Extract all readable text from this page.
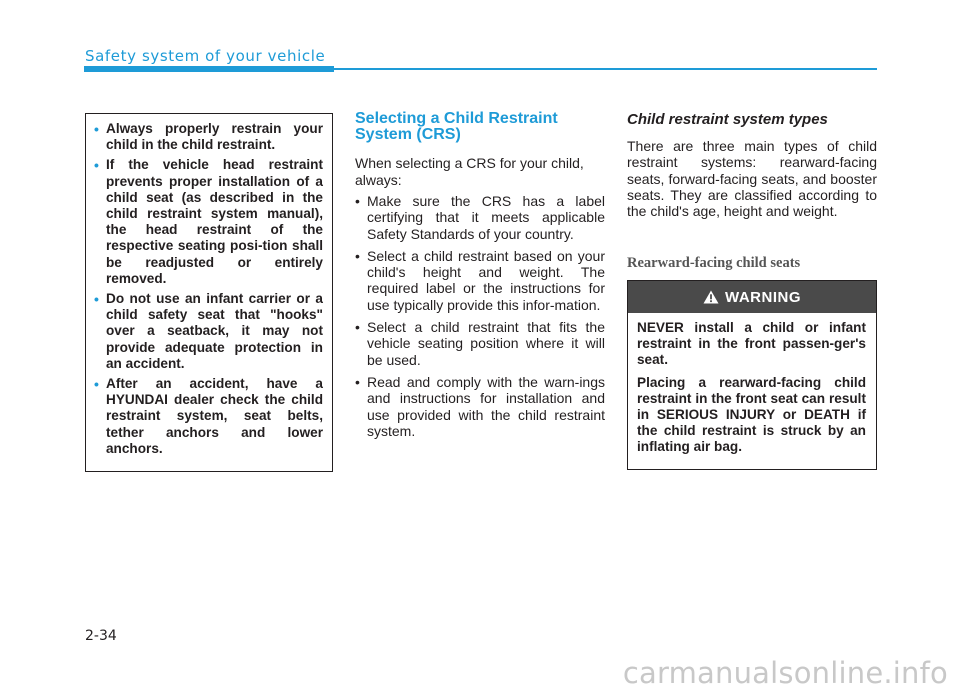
Safety system of your vehicle
• Always properly restrain your child in the child restraint.
• If the vehicle head restraint prevents proper installation of a child seat (as described in the child restraint system manual), the head restraint of the respective seating posi-tion shall be readjusted or entirely removed.
• Do not use an infant carrier or a child safety seat that "hooks" over a seatback, it may not provide adequate protection in an accident.
• After an accident, have a HYUNDAI dealer check the child restraint system, seat belts, tether anchors and lower anchors.
Selecting a Child Restraint System (CRS)

When selecting a CRS for your child, always:

• Make sure the CRS has a label certifying that it meets applicable Safety Standards of your country.
• Select a child restraint based on your child's height and weight. The required label or the instructions for use typically provide this infor-mation.
• Select a child restraint that fits the vehicle seating position where it will be used.
• Read and comply with the warn-ings and instructions for installation and use provided with the child restraint system.
Child restraint system types

There are three main types of child restraint systems: rearward-facing seats, forward-facing seats, and booster seats. They are classified according to the child's age, height and weight.

Rearward-facing child seats
WARNING

NEVER install a child or infant restraint in the front passen-ger's seat.

Placing a rearward-facing child restraint in the front seat can result in SERIOUS INJURY or DEATH if the child restraint is struck by an inflating air bag.

2-34
carmanualsonline.info
